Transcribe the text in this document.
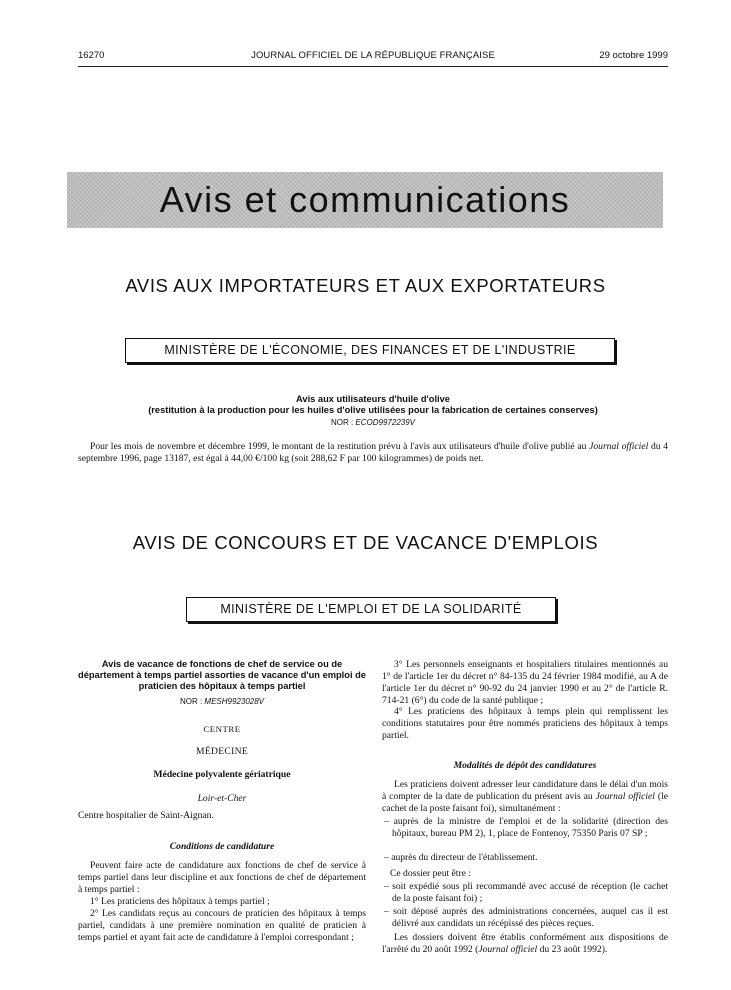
16270	JOURNAL OFFICIEL DE LA RÉPUBLIQUE FRANÇAISE	29 octobre 1999
Avis et communications
AVIS AUX IMPORTATEURS ET AUX EXPORTATEURS
MINISTÈRE DE L'ÉCONOMIE, DES FINANCES ET DE L'INDUSTRIE
Avis aux utilisateurs d'huile d'olive
(restitution à la production pour les huiles d'olive utilisées pour la fabrication de certaines conserves)
NOR : ECOD9972239V
Pour les mois de novembre et décembre 1999, le montant de la restitution prévu à l'avis aux utilisateurs d'huile d'olive publié au Journal officiel du 4 septembre 1996, page 13187, est égal à 44,00 €/100 kg (soit 288,62 F par 100 kilogrammes) de poids net.
AVIS DE CONCOURS ET DE VACANCE D'EMPLOIS
MINISTÈRE DE L'EMPLOI ET DE LA SOLIDARITÉ
Avis de vacance de fonctions de chef de service ou de département à temps partiel assorties de vacance d'un emploi de praticien des hôpitaux à temps partiel
NOR : MESH9923028V
CENTRE
MÉDECINE
Médecine polyvalente gériatrique
Loir-et-Cher
Centre hospitalier de Saint-Aignan.
Conditions de candidature
Peuvent faire acte de candidature aux fonctions de chef de service à temps partiel dans leur discipline et aux fonctions de chef de département à temps partiel :
1° Les praticiens des hôpitaux à temps partiel ;
2° Les candidats reçus au concours de praticien des hôpitaux à temps partiel, candidats à une première nomination en qualité de praticien à temps partiel et ayant fait acte de candidature à l'emploi correspondant ;
3° Les personnels enseignants et hospitaliers titulaires mentionnés au 1° de l'article 1er du décret n° 84-135 du 24 février 1984 modifié, au A de l'article 1er du décret n° 90-92 du 24 janvier 1990 et au 2° de l'article R. 714-21 (6°) du code de la santé publique ;
4° Les praticiens des hôpitaux à temps plein qui remplissent les conditions statutaires pour être nommés praticiens des hôpitaux à temps partiel.
Modalités de dépôt des candidatures
Les praticiens doivent adresser leur candidature dans le délai d'un mois à compter de la date de publication du présent avis au Journal officiel (le cachet de la poste faisant foi), simultanément :
– auprès de la ministre de l'emploi et de la solidarité (direction des hôpitaux, bureau PM 2), 1, place de Fontenoy, 75350 Paris 07 SP ;
– auprès du directeur de l'établissement.
Ce dossier peut être :
– soit expédié sous pli recommandé avec accusé de réception (le cachet de la poste faisant foi) ;
– soit déposé auprès des administrations concernées, auquel cas il est délivré aux candidats un récépissé des pièces reçues.
Les dossiers doivent être établis conformément aux dispositions de l'arrêté du 20 août 1992 (Journal officiel du 23 août 1992).
